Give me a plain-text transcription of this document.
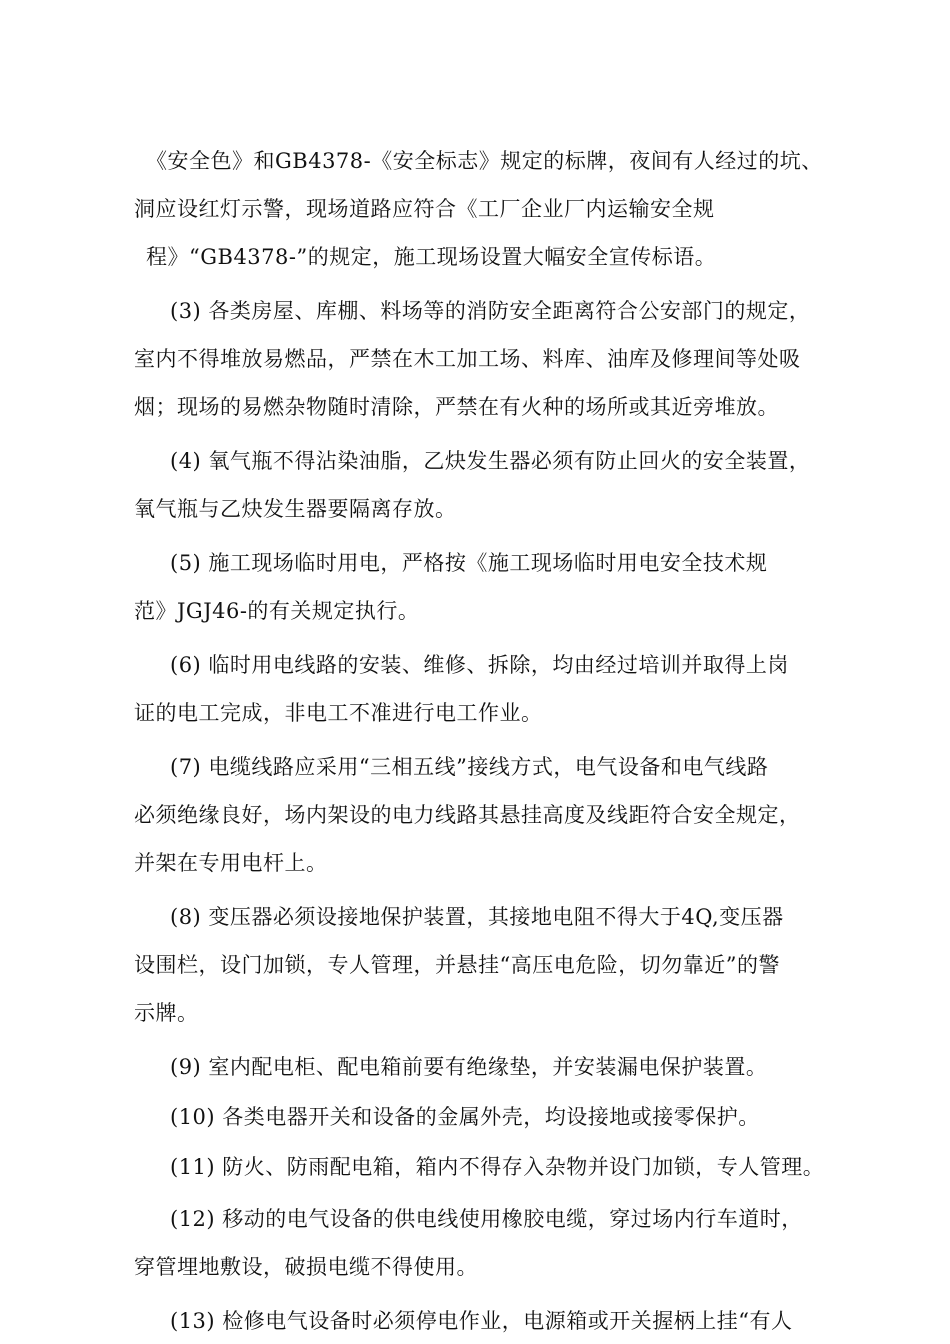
《安全色》和GB4378-《安全标志》规定的标牌，夜间有人经过的坑、
洞应设红灯示警，现场道路应符合《工厂企业厂内运输安全规
程》“GB4378-”的规定，施工现场设置大幅安全宣传标语。
(3) 各类房屋、库棚、料场等的消防安全距离符合公安部门的规定，
室内不得堆放易燃品，严禁在木工加工场、料库、油库及修理间等处吸
烟；现场的易燃杂物随时清除，严禁在有火种的场所或其近旁堆放。
(4) 氧气瓶不得沾染油脂，乙炔发生器必须有防止回火的安全装置，
氧气瓶与乙炔发生器要隔离存放。
(5) 施工现场临时用电，严格按《施工现场临时用电安全技术规
范》JGJ46-的有关规定执行。
(6) 临时用电线路的安装、维修、拆除，均由经过培训并取得上岗
证的电工完成，非电工不准进行电工作业。
(7) 电缆线路应采用“三相五线”接线方式，电气设备和电气线路
必须绝缘良好，场内架设的电力线路其悬挂高度及线距符合安全规定，
并架在专用电杆上。
(8) 变压器必须设接地保护装置，其接地电阻不得大于4Q,变压器
设围栏，设门加锁，专人管理，并悬挂“高压电危险，切勿靠近”的警
示牌。
(9) 室内配电柜、配电箱前要有绝缘垫，并安装漏电保护装置。
(10) 各类电器开关和设备的金属外壳，均设接地或接零保护。
(11) 防火、防雨配电箱，箱内不得存入杂物并设门加锁，专人管理。
(12) 移动的电气设备的供电线使用橡胶电缆，穿过场内行车道时，
穿管埋地敷设，破损电缆不得使用。
(13) 检修电气设备时必须停电作业，电源箱或开关握柄上挂“有人
